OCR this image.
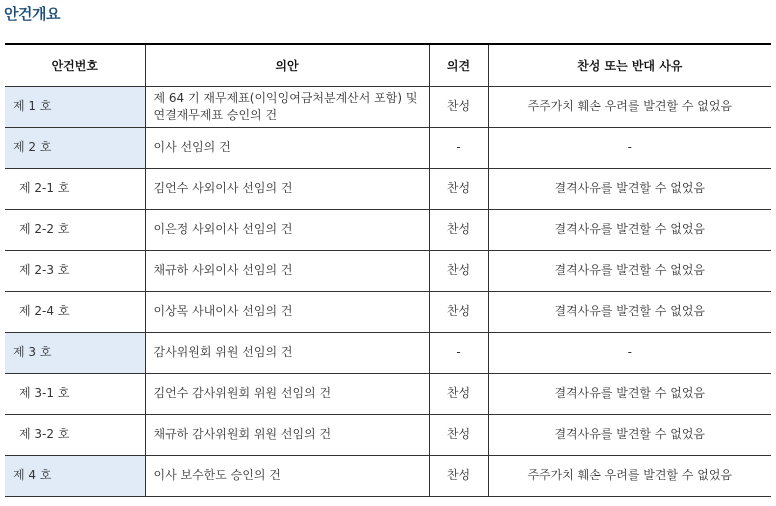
안건개요
안건번호	의안	의견	찬성 또는 반대 사유
제 1 호	제 64 기 재무제표(이익잉여금처분계산서 포함) 및
연결재무제표 승인의 건	찬성	주주가치 훼손 우려를 발견할 수 없었음
제 2 호	이사 선임의 건	-	-
제 2-1 호	김언수 사외이사 선임의 건	찬성	결격사유를 발견할 수 없었음
제 2-2 호	이은정 사외이사 선임의 건	찬성	결격사유를 발견할 수 없었음
제 2-3 호	채규하 사외이사 선임의 건	찬성	결격사유를 발견할 수 없었음
제 2-4 호	이상목 사내이사 선임의 건	찬성	결격사유를 발견할 수 없었음
제 3 호	감사위원회 위원 선임의 건	-	-
제 3-1 호	김언수 감사위원회 위원 선임의 건	찬성	결격사유를 발견할 수 없었음
제 3-2 호	채규하 감사위원회 위원 선임의 건	찬성	결격사유를 발견할 수 없었음
제 4 호	이사 보수한도 승인의 건	찬성	주주가치 훼손 우려를 발견할 수 없었음
